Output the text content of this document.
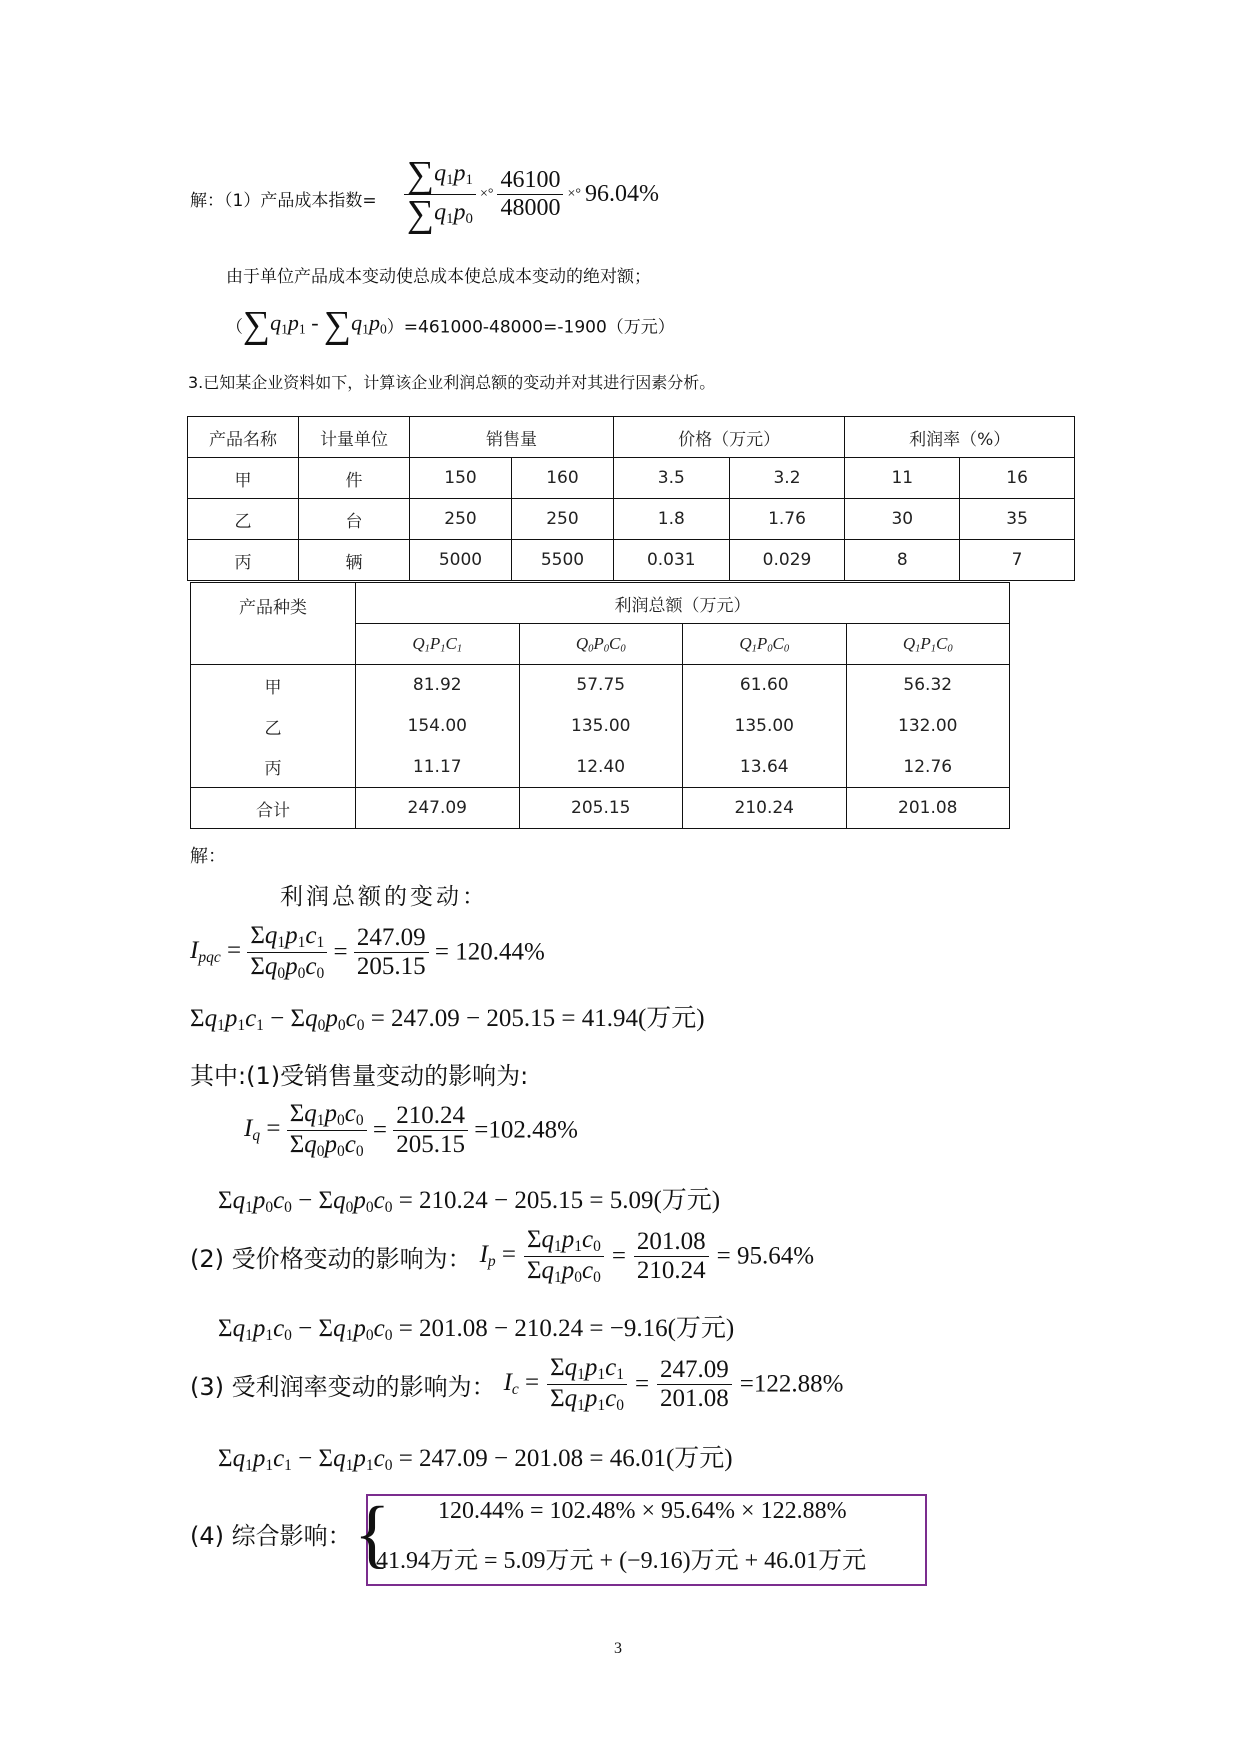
解：（1）产品成本指数= $\frac{\sum q_1p_1}{\sum q_1p_0}$ ×° $\frac{46100}{48000}$ ×° 96.04%
由于单位产品成本变动使总成本使总成本变动的绝对额；
$(\sum q_1p_1 - \sum q_1p_0)=461000-48000=-1900$（万元）
3.已知某企业资料如下，计算该企业利润总额的变动并对其进行因素分析。
产品名称	计量单位	销售量		价格（万元）		利润率（%）	
甲	件	150	160	3.5	3.2	11	16
乙	台	250	250	1.8	1.76	30	35
丙	辆	5000	5500	0.031	0.029	8	7
产品种类	利润总额（万元）			
	$Q_1P_1C_1$	$Q_0P_0C_0$	$Q_1P_0C_0$	$Q_1P_1C_0$
甲	81.92	57.75	61.60	56.32
乙	154.00	135.00	135.00	132.00
丙	11.17	12.40	13.64	12.76
合计	247.09	205.15	210.24	201.08
解：
利润总额的变动：
$I_{pqc} = \frac{\Sigma q_1p_1c_1}{\Sigma q_0p_0c_0} = \frac{247.09}{205.15} = 120.44\%$
$\Sigma q_1p_1c_1 - \Sigma q_0p_0c_0 = 247.09 - 205.15 = 41.94$(万元)
其中:(1)受销售量变动的影响为:
$I_q = \frac{\Sigma q_1p_0c_0}{\Sigma q_0p_0c_0} = \frac{210.24}{205.15} =102.48\%$
$\Sigma q_1p_0c_0 - \Sigma q_0p_0c_0 = 210.24 - 205.15 = 5.09$(万元)
(2) 受价格变动的影响为： $I_p = \frac{\Sigma q_1p_1c_0}{\Sigma q_1p_0c_0} = \frac{201.08}{210.24} = 95.64\%$
$\Sigma q_1p_1c_0 - \Sigma q_1p_0c_0 = 201.08 - 210.24 = -9.16$(万元)
(3) 受利润率变动的影响为： $I_c = \frac{\Sigma q_1p_1c_1}{\Sigma q_1p_1c_0} = \frac{247.09}{201.08} =122.88\%$
$\Sigma q_1p_1c_1 - \Sigma q_1p_1c_0 = 247.09 - 201.08 = 46.01$(万元)
(4) 综合影响： { 120.44% = 102.48% × 95.64% × 122.88%
41.94万元 = 5.09万元 + (−9.16)万元 + 46.01万元
3
